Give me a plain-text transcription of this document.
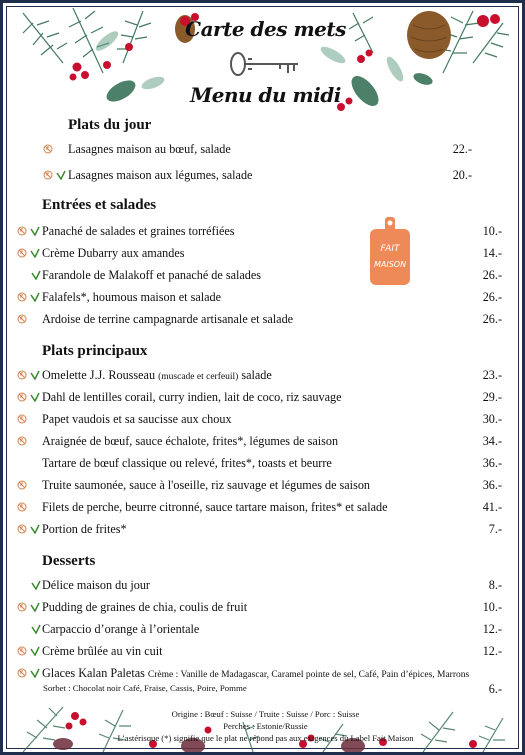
Carte des mets
Menu du midi
Plats du jour
Lasagnes maison au bœuf, salade	22.-
Lasagnes maison aux légumes, salade	20.-
Entrées et salades
Panaché de salades et graines torréfiées	10.-
Crème Dubarry aux amandes	14.-
Farandole de Malakoff et panaché de salades	26.-
Falafels*, houmous maison et salade	26.-
Ardoise de terrine campagnarde artisanale et salade	26.-
FAIT
MAISON
Plats principaux
Omelette J.J. Rousseau (muscade et cerfeuil) salade	23.-
Dahl de lentilles corail, curry indien, lait de coco, riz sauvage	29.-
Papet vaudois et sa saucisse aux choux	30.-
Araignée de bœuf, sauce échalote, frites*, légumes de saison	34.-
Tartare de bœuf classique ou relevé, frites*, toasts et beurre	36.-
Truite saumonée, sauce à l'oseille, riz sauvage et légumes de saison	36.-
Filets de perche, beurre citronné, sauce tartare maison, frites* et salade	41.-
Portion de frites*	7.-
Desserts
Délice maison du jour	8.-
Pudding de graines de chia, coulis de fruit	10.-
Carpaccio d’orange à l’orientale	12.-
Crème brûlée au vin cuit	12.-
Glaces Kalan Paletas Crème : Vanille de Madagascar, Caramel pointe de sel, Café, Pain d’épices, Marrons
Sorbet : Chocolat noir Café, Fraise, Cassis, Poire, Pomme	6.-
Origine : Bœuf : Suisse / Truite : Suisse / Porc : Suisse
Perches : Estonie/Russie
L’astérisque (*) signifie que le plat ne répond pas aux exigences du Label Fait Maison
